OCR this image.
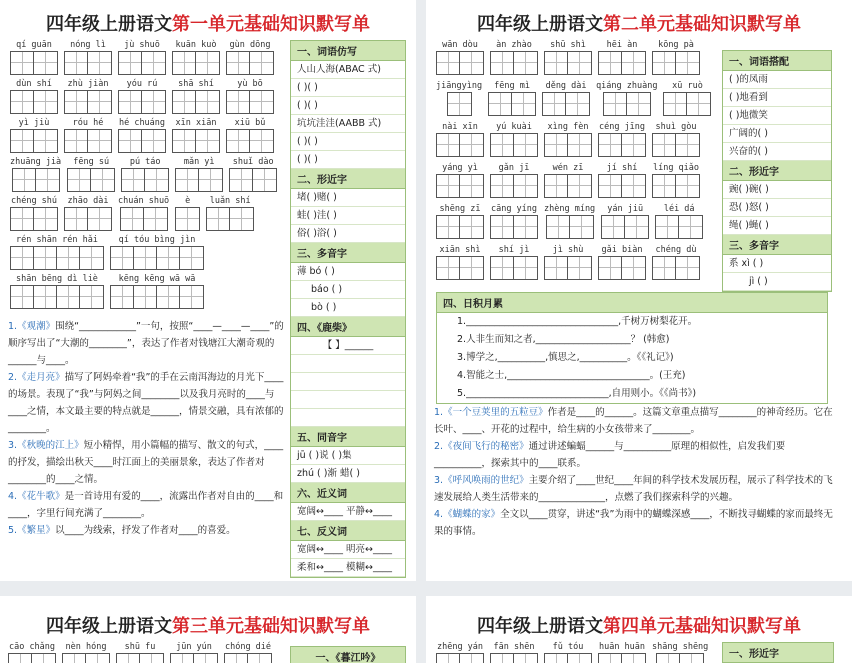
四年级上册语文第一单元基础知识默写单
qí guān nóng lì jù shuō kuān kuò gùn dōng
dùn shí zhù jiàn yóu rú shā shí	yù bō
yì jiù	róu hé hé chuáng xīn xiān xiū bǔ
zhuāng jià fēng sú pú táo	mǎn yì shuǐ dào
chéng shú zhāo dài chuán shuō è luǎn shí
rén shān rén hǎi qí tóu bìng jìn
shān bēng dì liè kēng kēng wā wā
一、词语仿写
人山人海(ABAC 式)
( )( )
( )( )
坑坑洼洼(AABB 式)
( )( )
( )( )
二、形近字
堵( )赌( )
蛙( )洼( )
俗( )浴( )
三、多音字
薄 bó ( )
báo ( )
bò ( )
四、《鹿柴》
【 】______
五、同音字
jū ( )说 ( )集
zhú ( )渐 蜡( )
六、近义词
宽阔↔____ 平静↔____
七、反义词
宽阔↔____ 明亮↔____
柔和↔____ 模糊↔____
1.《观潮》围绕“____________”一句，按照“____—____—____”的顺序写出了“大潮的________”，表达了作者对钱塘江大潮奇观的______与____。
2.《走月亮》描写了阿妈牵着“我”的手在云南洱海边的月光下____的场景。表现了“我”与阿妈之间________以及我月亮时的____与____之情，本文最主要的特点就是______，情景交融，具有浓郁的________。
3.《秋晚的江上》短小精悍，用小篇幅的描写、散文的句式，____的抒发，描绘出秋天____时江面上的美丽景象，表达了作者对________的____之情。
4.《花牛歌》是一首诗用有爱的____，流露出作者对自由的____和____，字里行间充满了________。
5.《繁星》以____为线索，抒发了作者对____的喜爱。
四年级上册语文第二单元基础知识默写单
wān dòu àn zhào shū shì hēi àn kōng pà
jiāngyìng fēng mì děng dài qiáng zhuàng xū ruò
nài xīn yú kuài xìng fèn céng jīng shuì gòu
yáng yì gǎn jī	wén zī	jí shí líng qiǎo
shēng zī cāng yíng zhèng míng yán jiū léi dá
xiān shì shí jì	jì shù gǎi biàn chéng dù
一、词语搭配
( )的凤雨
( )地看到
( )地微笑
广阔的( )
兴奋的( )
二、形近字
豌( )碗( )
恐( )怒( )
绳( )蝇( )
三、多音字
系 xì ( )
jì ( )
四、日积月累
1.________________________________,千树万树梨花开。
2.人非生而知之者,____________________？ (韩愈)
3.博学之,__________,慎思之,__________。《《礼记》)
4.智能之士,______________________________。(王充)
5.______________________________,自用则小。《《尚书》)
1.《一个豆荚里的五粒豆》作者是____的______。这篇文章重点描写________的神奇经历。它在长叶、____、开花的过程中，给生病的小女孩带来了________。
2.《夜间飞行的秘密》通过讲述蝙蝠______与__________原理的相似性，启发我们要__________，探索其中的____联系。
3.《呼风唤雨的世纪》主要介绍了____世纪____年间的科学技术发展历程，展示了科学技术的飞速发展给人类生活带来的______________，点燃了我们探索科学的兴趣。
4.《蝴蝶的家》全文以____贯穿，讲述“我”为雨中的蝴蝶深感____，不断找寻蝴蝶的家而最终无果的事情。
四年级上册语文第三单元基础知识默写单
cāo chǎng nèn hóng shū fu jūn yún chóng dié
一、《暮江吟》
四年级上册语文第四单元基础知识默写单
zhēng yán fān shēn fǔ tóu huān huān shāng shēng
一、形近字
